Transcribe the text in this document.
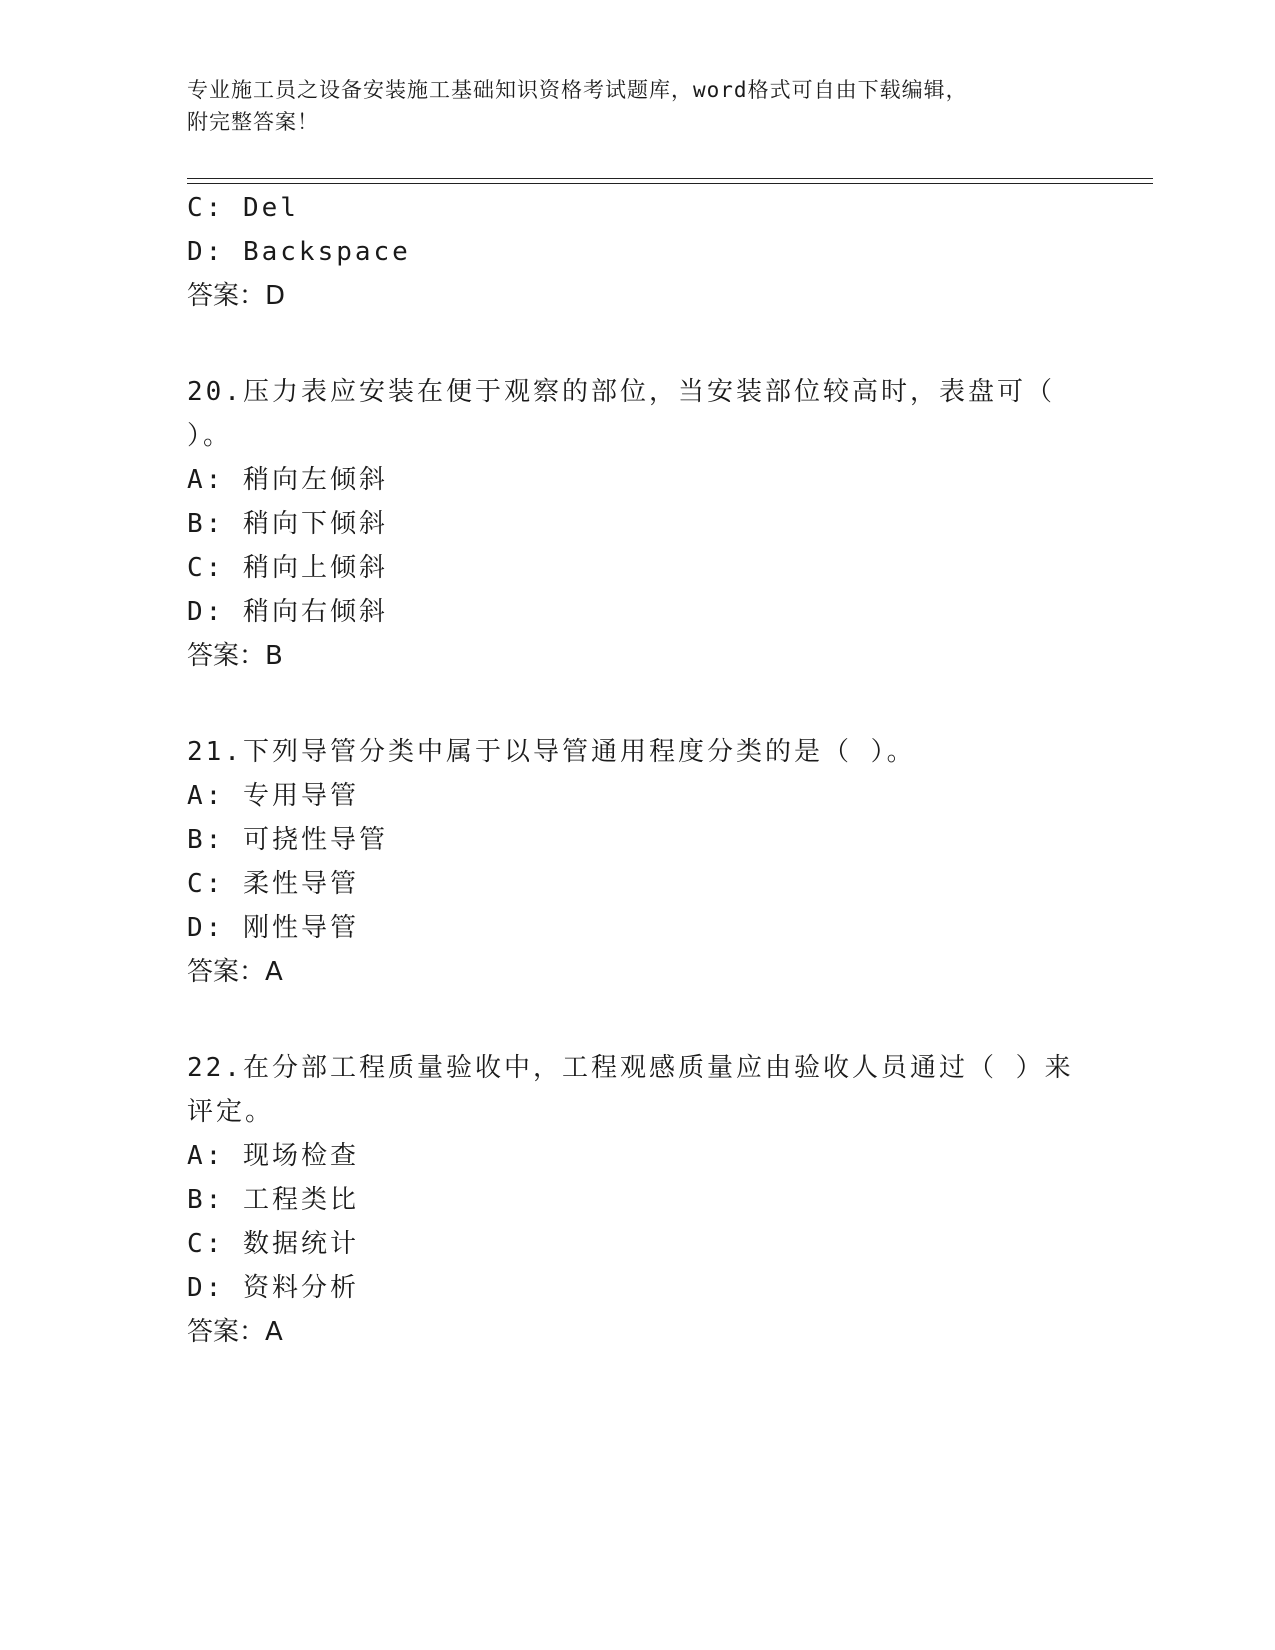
专业施工员之设备安装施工基础知识资格考试题库，word格式可自由下载编辑，
附完整答案！
C: Del
D: Backspace
答案：D
20.压力表应安装在便于观察的部位，当安装部位较高时，表盘可（
）。
A: 稍向左倾斜
B: 稍向下倾斜
C: 稍向上倾斜
D: 稍向右倾斜
答案：B
21.下列导管分类中属于以导管通用程度分类的是（ ）。
A: 专用导管
B: 可挠性导管
C: 柔性导管
D: 刚性导管
答案：A
22.在分部工程质量验收中，工程观感质量应由验收人员通过（ ）来
评定。
A: 现场检查
B: 工程类比
C: 数据统计
D: 资料分析
答案：A
